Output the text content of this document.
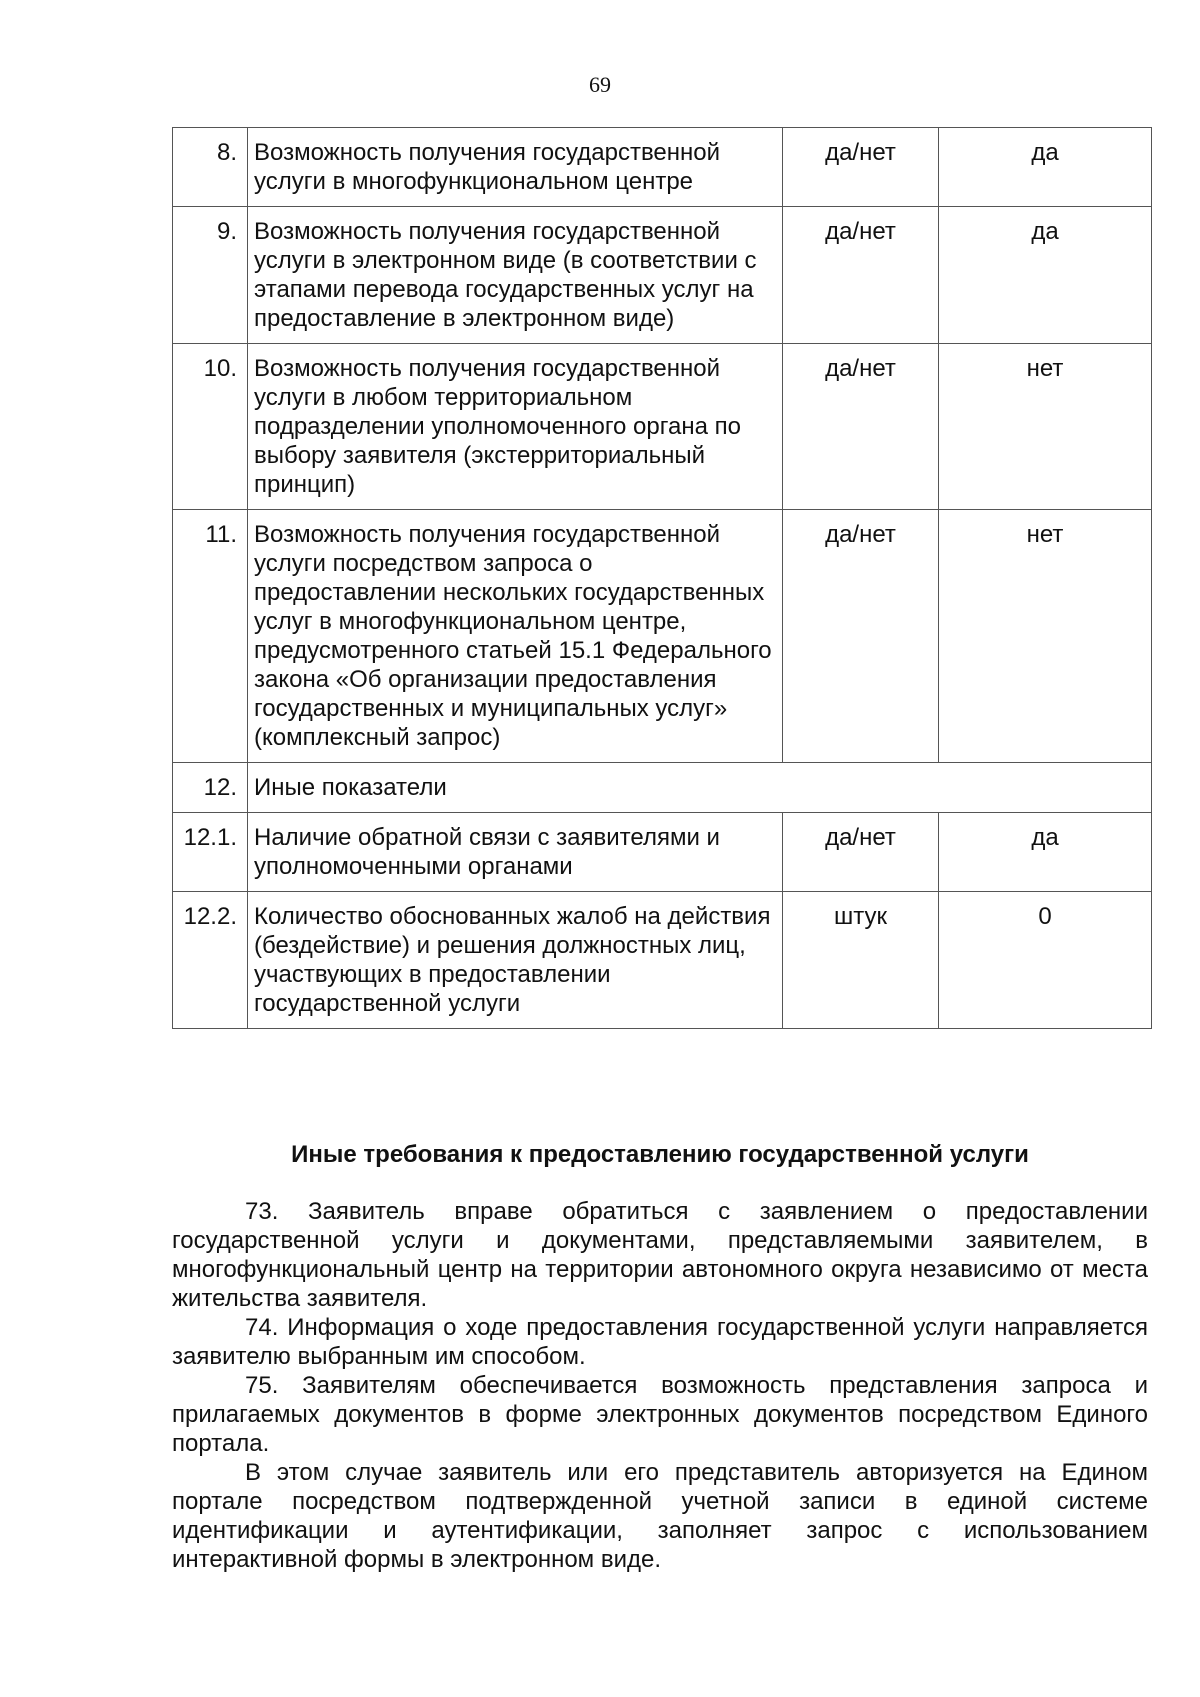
69
8.	Возможность получения государственной услуги в многофункциональном центре	да/нет	да
9.	Возможность получения государственной услуги в электронном виде (в соответствии с этапами перевода государственных услуг на предоставление в электронном виде)	да/нет	да
10.	Возможность получения государственной услуги в любом территориальном подразделении уполномоченного органа по выбору заявителя (экстерриториальный принцип)	да/нет	нет
11.	Возможность получения государственной услуги посредством запроса о предоставлении нескольких государственных услуг в многофункциональном центре, предусмотренного статьей 15.1 Федерального закона «Об организации предоставления государственных и муниципальных услуг» (комплексный запрос)	да/нет	нет
12.	Иные показатели		
12.1.	Наличие обратной связи с заявителями и уполномоченными органами	да/нет	да
12.2.	Количество обоснованных жалоб на действия (бездействие) и решения должностных лиц, участвующих в предоставлении государственной услуги	штук	0
Иные требования к предоставлению государственной услуги

73. Заявитель вправе обратиться с заявлением о предоставлении государственной услуги и документами, представляемыми заявителем, в многофункциональный центр на территории автономного округа независимо от места жительства заявителя.

74. Информация о ходе предоставления государственной услуги направляется заявителю выбранным им способом.

75. Заявителям обеспечивается возможность представления запроса и прилагаемых документов в форме электронных документов посредством Единого портала.

В этом случае заявитель или его представитель авторизуется на Едином портале посредством подтвержденной учетной записи в единой системе идентификации и аутентификации, заполняет запрос с использованием интерактивной формы в электронном виде.
